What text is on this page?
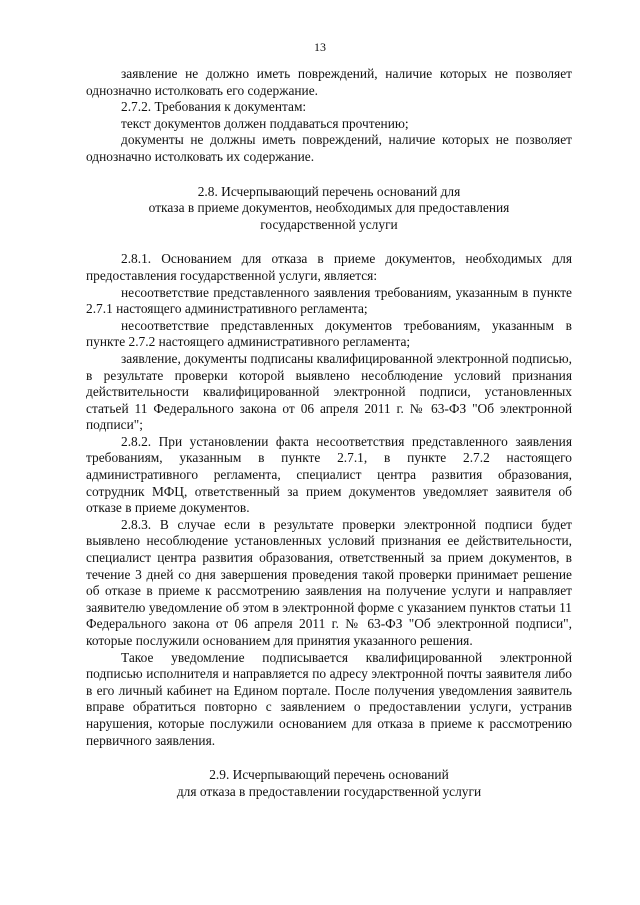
13

заявление не должно иметь повреждений, наличие которых не позволяет однозначно истолковать его содержание.

2.7.2. Требования к документам:

текст документов должен поддаваться прочтению;

документы не должны иметь повреждений, наличие которых не позволяет однозначно истолковать их содержание.

2.8. Исчерпывающий перечень оснований для
отказа в приеме документов, необходимых для предоставления
государственной услуги

2.8.1. Основанием для отказа в приеме документов, необходимых для предоставления государственной услуги, является:

несоответствие представленного заявления требованиям, указанным в пункте 2.7.1 настоящего административного регламента;

несоответствие представленных документов требованиям, указанным в пункте 2.7.2 настоящего административного регламента;

заявление, документы подписаны квалифицированной электронной подписью, в результате проверки которой выявлено несоблюдение условий признания действительности квалифицированной электронной подписи, установленных статьей 11 Федерального закона от 06 апреля 2011 г. № 63-ФЗ "Об электронной подписи";

2.8.2. При установлении факта несоответствия представленного заявления требованиям, указанным в пункте 2.7.1, в пункте 2.7.2 настоящего административного регламента, специалист центра развития образования, сотрудник МФЦ, ответственный за прием документов уведомляет заявителя об отказе в приеме документов.

2.8.3. В случае если в результате проверки электронной подписи будет выявлено несоблюдение установленных условий признания ее действительности, специалист центра развития образования, ответственный за прием документов, в течение 3 дней со дня завершения проведения такой проверки принимает решение об отказе в приеме к рассмотрению заявления на получение услуги и направляет заявителю уведомление об этом в электронной форме с указанием пунктов статьи 11 Федерального закона от 06 апреля 2011 г. № 63-ФЗ "Об электронной подписи", которые послужили основанием для принятия указанного решения.

Такое уведомление подписывается квалифицированной электронной подписью исполнителя и направляется по адресу электронной почты заявителя либо в его личный кабинет на Едином портале. После получения уведомления заявитель вправе обратиться повторно с заявлением о предоставлении услуги, устранив нарушения, которые послужили основанием для отказа в приеме к рассмотрению первичного заявления.

2.9. Исчерпывающий перечень оснований
для отказа в предоставлении государственной услуги
